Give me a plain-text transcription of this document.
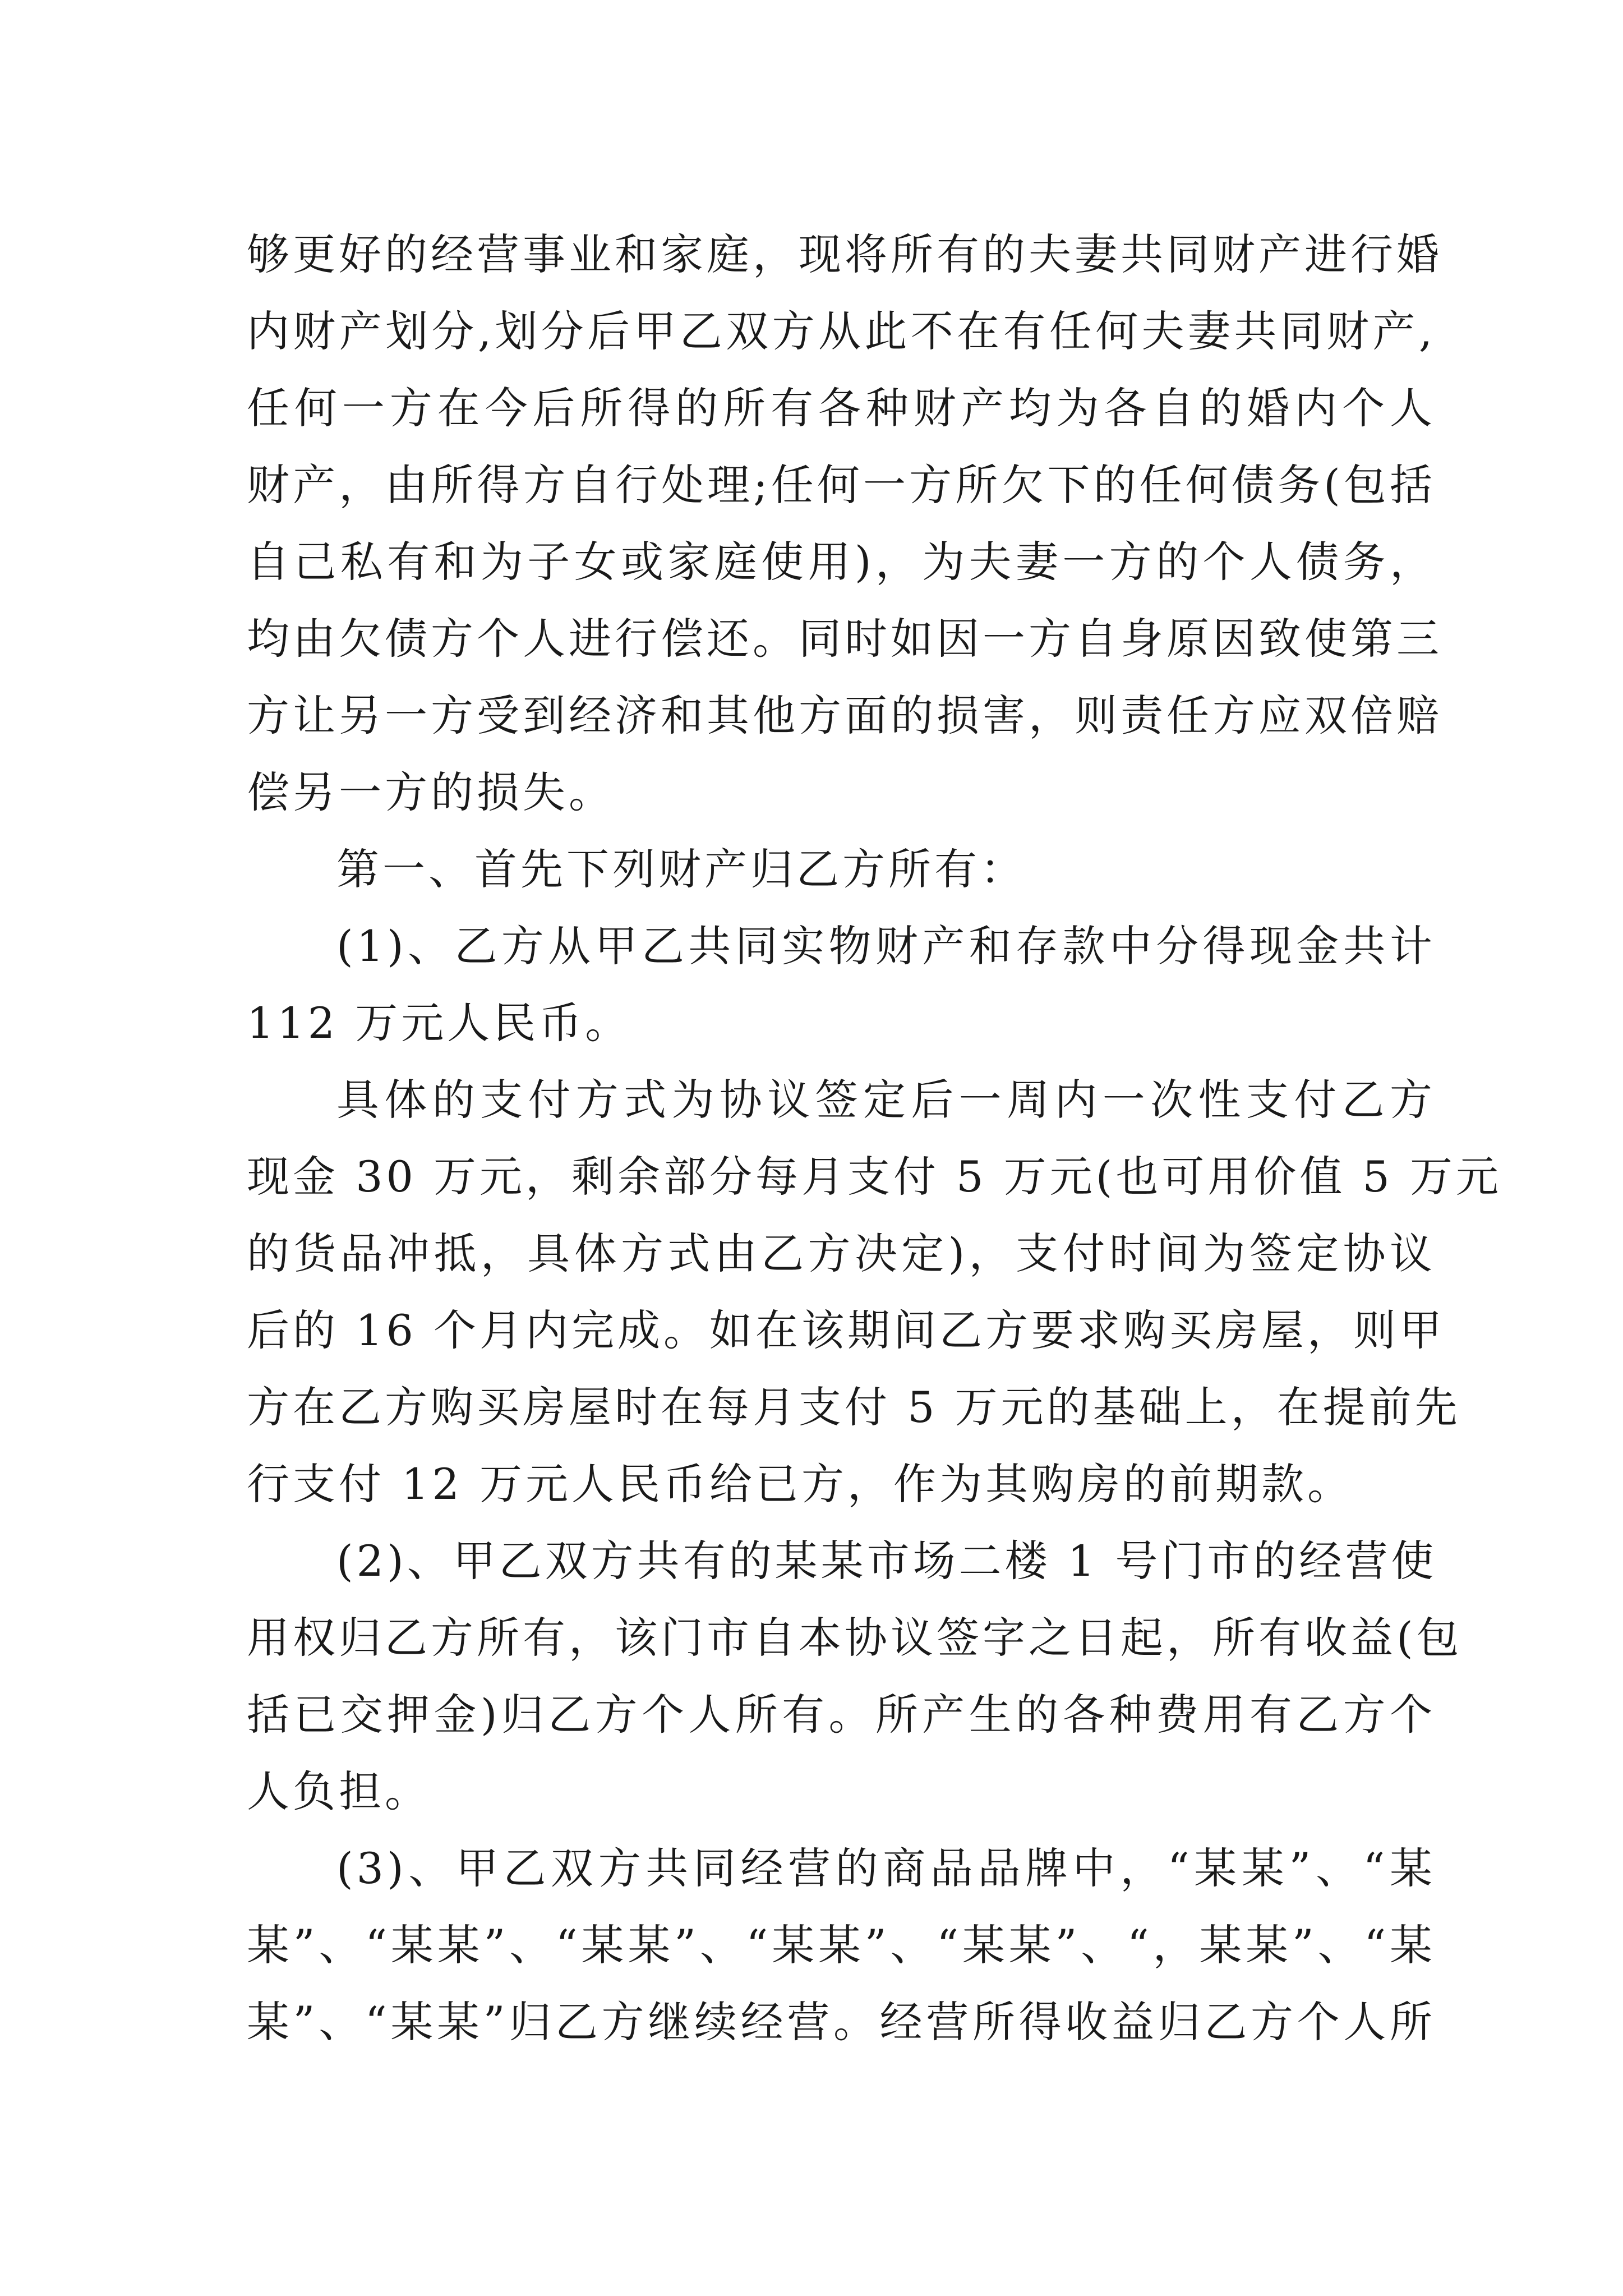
够更好的经营事业和家庭，现将所有的夫妻共同财产进行婚
内财产划分,划分后甲乙双方从此不在有任何夫妻共同财产,
任何一方在今后所得的所有各种财产均为各自的婚内个人
财产，由所得方自行处理;任何一方所欠下的任何债务(包括
自己私有和为子女或家庭使用)，为夫妻一方的个人债务，
均由欠债方个人进行偿还。同时如因一方自身原因致使第三
方让另一方受到经济和其他方面的损害，则责任方应双倍赔
偿另一方的损失。
第一、首先下列财产归乙方所有：
(1)、乙方从甲乙共同实物财产和存款中分得现金共计
112 万元人民币。
具体的支付方式为协议签定后一周内一次性支付乙方
现金 30 万元，剩余部分每月支付 5 万元(也可用价值 5 万元
的货品冲抵，具体方式由乙方决定)，支付时间为签定协议
后的 16 个月内完成。如在该期间乙方要求购买房屋，则甲
方在乙方购买房屋时在每月支付 5 万元的基础上，在提前先
行支付 12 万元人民币给已方，作为其购房的前期款。
(2)、甲乙双方共有的某某市场二楼 1 号门市的经营使
用权归乙方所有，该门市自本协议签字之日起，所有收益(包
括已交押金)归乙方个人所有。所产生的各种费用有乙方个
人负担。
(3)、甲乙双方共同经营的商品品牌中，“某某”、“某
某”、“某某”、“某某”、“某某”、“某某”、“，某某”、“某
某”、“某某”归乙方继续经营。经营所得收益归乙方个人所
